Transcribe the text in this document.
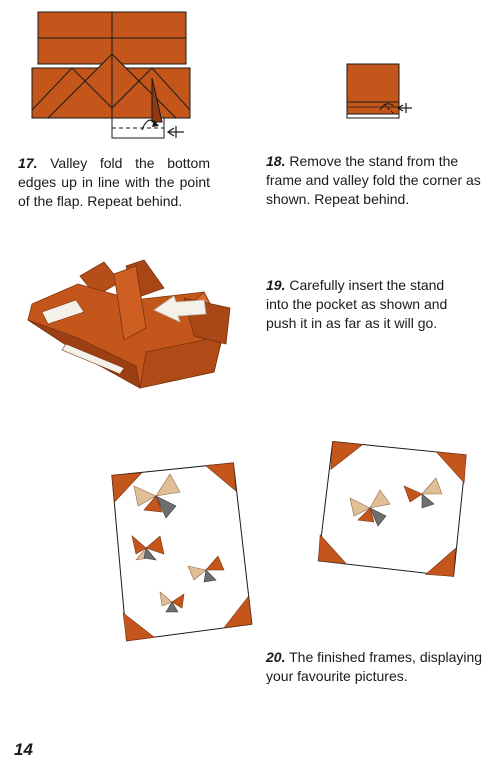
17. Valley fold the bottom edges up in line with the point of the flap. Repeat behind.
18. Remove the stand from the frame and valley fold the corner as shown. Repeat behind.
19. Carefully insert the stand into the pocket as shown and push it in as far as it will go.
20. The finished frames, displaying your favourite pictures.
14
